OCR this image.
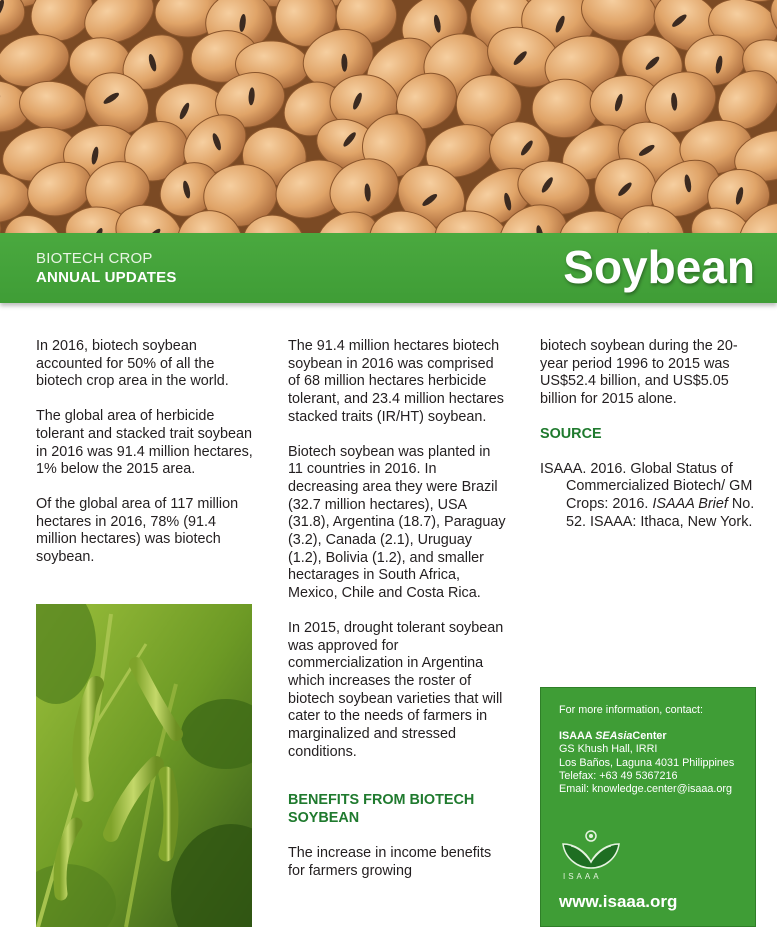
BIOTECH CROP
ANNUAL UPDATES	Soybean

In 2016, biotech soybean accounted for 50% of all the biotech crop area in the world.

The global area of herbicide tolerant and stacked trait soybean in 2016 was 91.4 million hectares, 1% below the 2015 area.

Of the global area of 117 million hectares in 2016, 78% (91.4 million hectares) was biotech soybean.

The 91.4 million hectares biotech soybean in 2016 was comprised of 68 million hectares herbicide tolerant, and 23.4 million hectares stacked traits (IR/HT) soybean.

Biotech soybean was planted in 11 countries in 2016. In decreasing area they were Brazil (32.7 million hectares), USA (31.8), Argentina (18.7), Paraguay (3.2), Canada (2.1), Uruguay (1.2), Bolivia (1.2), and smaller hectarages in South Africa, Mexico, Chile and Costa Rica.

In 2015, drought tolerant soybean was approved for commercialization in Argentina which increases the roster of biotech soybean varieties that will cater to the needs of farmers in marginalized and stressed conditions.

BENEFITS FROM BIOTECH SOYBEAN

The increase in income benefits for farmers growing

biotech soybean during the 20-year period 1996 to 2015 was US$52.4 billion, and US$5.05 billion for 2015 alone.

SOURCE

ISAAA. 2016. Global Status of Commercialized Biotech/ GM Crops: 2016. ISAAA Brief No. 52. ISAAA: Ithaca, New York.

For more information, contact:
ISAAA SEAsiaCenter
GS Khush Hall, IRRI
Los Baños, Laguna 4031 Philippines
Telefax: +63 49 5367216
Email: knowledge.center@isaaa.org
ISAAA
www.isaaa.org
